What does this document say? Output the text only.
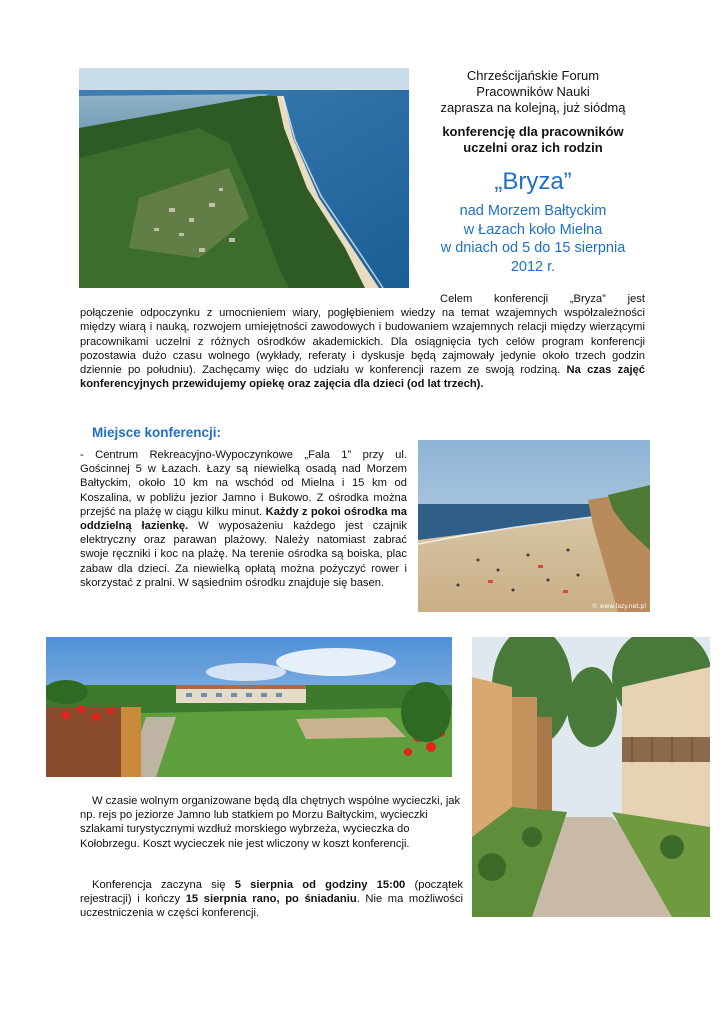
Chrześcijańskie Forum
Pracowników Nauki
zaprasza na kolejną, już siódmą
konferencję dla pracowników
uczelni oraz ich rodzin
„Bryza”
nad Morzem Bałtyckim
w Łazach koło Mielna
w dniach od 5 do 15 sierpnia
2012 r.
Celem konferencji „Bryza” jest połączenie odpoczynku z umocnieniem wiary, pogłębieniem wiedzy na temat wzajemnych współzależności między wiarą i nauką, rozwojem umiejętności zawodowych i budowaniem wzajemnych relacji między wierzącymi pracownikami uczelni z różnych ośrodków akademickich. Dla osiągnięcia tych celów program konferencji pozostawia dużo czasu wolnego (wykłady, referaty i dyskusje będą zajmowały jedynie około trzech godzin dziennie po południu). Zachęcamy więc do udziału w konferencji razem ze swoją rodziną. Na czas zajęć konferencyjnych przewidujemy opiekę oraz zajęcia dla dzieci (od lat trzech).
Miejsce konferencji:
- Centrum Rekreacyjno-Wypoczynkowe „Fala 1” przy ul. Gościnnej 5 w Łazach. Łazy są niewielką osadą nad Morzem Bałtyckim, około 10 km na wschód od Mielna i 15 km od Koszalina, w pobliżu jezior Jamno i Bukowo. Z ośrodka można przejść na plażę w ciągu kilku minut. Każdy z pokoi ośrodka ma oddzielną łazienkę. W wyposażeniu każdego jest czajnik elektryczny oraz parawan plażowy. Należy natomiast zabrać swoje ręczniki i koc na plażę. Na terenie ośrodka są boiska, plac zabaw dla dzieci. Za niewielką opłatą można pożyczyć rower i skorzystać z pralni. W sąsiednim ośrodku znajduje się basen.
© www.lazy.net.pl
W czasie wolnym organizowane będą dla chętnych wspólne wycieczki, jak np. rejs po jeziorze Jamno lub statkiem po Morzu Bałtyckim, wycieczki szlakami turystycznymi wzdłuż morskiego wybrzeża, wycieczka do Kołobrzegu. Koszt wycieczek nie jest wliczony w koszt konferencji.
Konferencja zaczyna się 5 sierpnia od godziny 15:00 (początek rejestracji) i kończy 15 sierpnia rano, po śniadaniu. Nie ma możliwości uczestniczenia w części konferencji.
